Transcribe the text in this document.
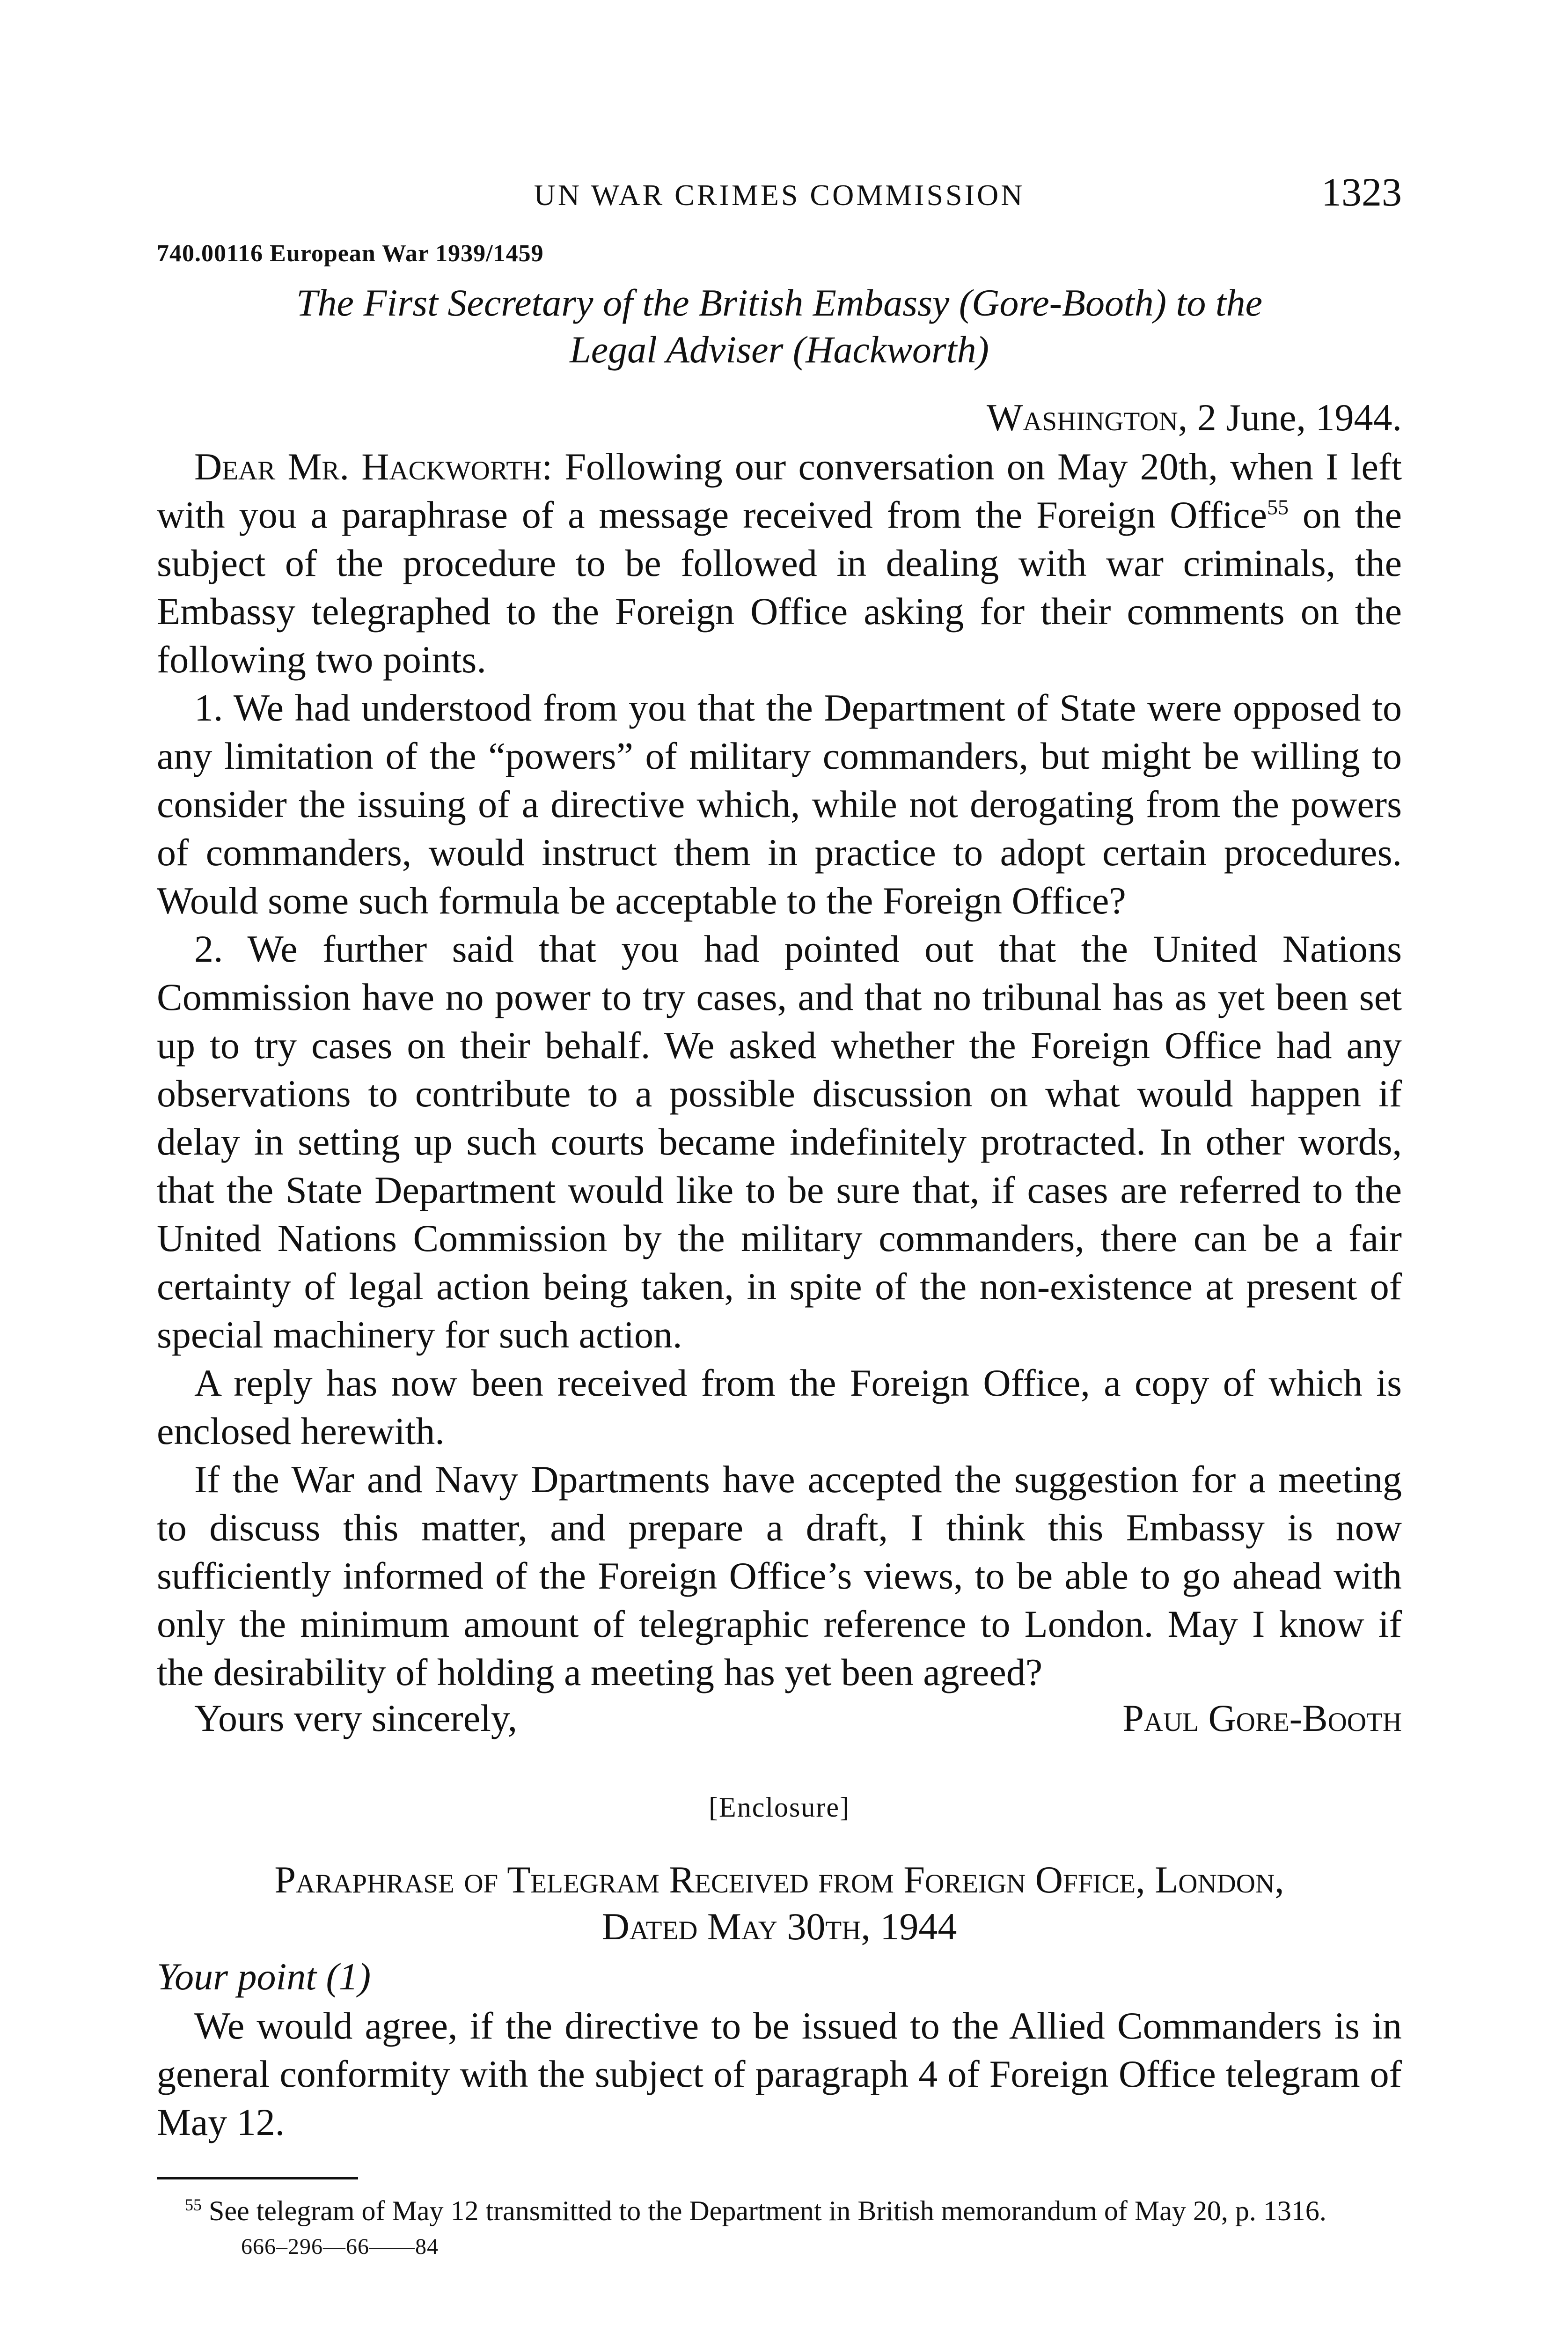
UN WAR CRIMES COMMISSION	1323
740.00116 European War 1939/1459
The First Secretary of the British Embassy (Gore-Booth) to the
Legal Adviser (Hackworth)
Washington, 2 June, 1944.

Dear Mr. Hackworth: Following our conversation on May 20th, when I left with you a paraphrase of a message received from the Foreign Office$^{55}$ on the subject of the procedure to be followed in dealing with war criminals, the Embassy telegraphed to the Foreign Office asking for their comments on the following two points.

1. We had understood from you that the Department of State were opposed to any limitation of the “powers” of military commanders, but might be willing to consider the issuing of a directive which, while not derogating from the powers of commanders, would instruct them in practice to adopt certain procedures. Would some such formula be acceptable to the Foreign Office?

2. We further said that you had pointed out that the United Nations Commission have no power to try cases, and that no tribunal has as yet been set up to try cases on their behalf. We asked whether the Foreign Office had any observations to contribute to a possible discussion on what would happen if delay in setting up such courts became indefinitely protracted. In other words, that the State Department would like to be sure that, if cases are referred to the United Nations Commission by the military commanders, there can be a fair certainty of legal action being taken, in spite of the non-existence at present of special machinery for such action.

A reply has now been received from the Foreign Office, a copy of which is enclosed herewith.

If the War and Navy Dpartments have accepted the suggestion for a meeting to discuss this matter, and prepare a draft, I think this Embassy is now sufficiently informed of the Foreign Office’s views, to be able to go ahead with only the minimum amount of telegraphic reference to London. May I know if the desirability of holding a meeting has yet been agreed?

Yours very sincerely,	Paul Gore-Booth
[Enclosure]
Paraphrase of Telegram Received from Foreign Office, London,
Dated May 30th, 1944
Your point (1)

We would agree, if the directive to be issued to the Allied Commanders is in general conformity with the subject of paragraph 4 of Foreign Office telegram of May 12.

$^{55}$ See telegram of May 12 transmitted to the Department in British memorandum of May 20, p. 1316.
666–296—66——84
